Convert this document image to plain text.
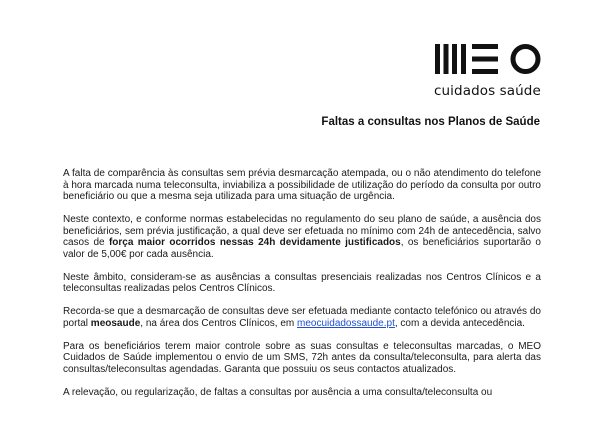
cuidados saúde
Faltas a consultas nos Planos de Saúde

A falta de comparência às consultas sem prévia desmarcação atempada, ou o não atendimento do telefone à hora marcada numa teleconsulta, inviabiliza a possibilidade de utilização do período da consulta por outro beneficiário ou que a mesma seja utilizada para uma situação de urgência.

Neste contexto, e conforme normas estabelecidas no regulamento do seu plano de saúde, a ausência dos beneficiários, sem prévia justificação, a qual deve ser efetuada no mínimo com 24h de antecedência, salvo casos de força maior ocorridos nessas 24h devidamente justificados, os beneficiários suportarão o valor de 5,00€ por cada ausência.

Neste âmbito, consideram-se as ausências a consultas presenciais realizadas nos Centros Clínicos e a teleconsultas realizadas pelos Centros Clínicos.

Recorda-se que a desmarcação de consultas deve ser efetuada mediante contacto telefónico ou através do portal meosaude, na área dos Centros Clínicos, em meocuidadossaude.pt, com a devida antecedência.

Para os beneficiários terem maior controle sobre as suas consultas e teleconsultas marcadas, o MEO Cuidados de Saúde implementou o envio de um SMS, 72h antes da consulta/teleconsulta, para alerta das consultas/teleconsultas agendadas. Garanta que possuiu os seus contactos atualizados.

A relevação, ou regularização, de faltas a consultas por ausência a uma consulta/teleconsulta ou
